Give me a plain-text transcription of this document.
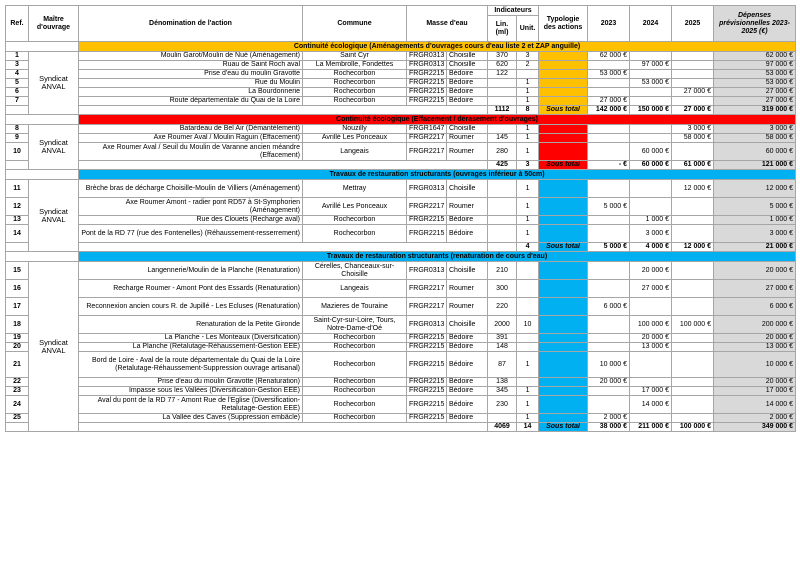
Ref.	Maître d'ouvrage	Dénomination de l'action	Commune	Masse d'eau		Indicateurs		Typologie des actions	2023	2024	2025	Dépenses prévisionnelles 2023-2025 (€)
						Lin. (ml)	Unit.					
		Continuité écologique (Aménagements d'ouvrages cours d'eau liste 2 et ZAP anguille)										
1	Syndicat ANVAL	Moulin Garot/Moulin de Nué (Aménagement)	Saint Cyr	FRGR0313	Choisille	370	3		62 000 €			62 000 €
3		Ruau de Saint Roch aval	La Membrolle, Fondettes	FRGR0313	Choisille	620	2			97 000 €		97 000 €
4		Prise d'eau du moulin Gravotte	Rochecorbon	FRGR2215	Bédoire	122			53 000 €			53 000 €
5		Rue du Moulin	Rochecorbon	FRGR2215	Bédoire		1			53 000 €		53 000 €
6		La Bourdonnerie	Rochecorbon	FRGR2215	Bédoire		1				27 000 €	27 000 €
7		Route départementale du Quai de la Loire	Rochecorbon	FRGR2215	Bédoire		1		27 000 €			27 000 €
						1112	8	Sous total	142 000 €	150 000 €	27 000 €	319 000 €
		Continuité écologique (Effacement / dérasement d'ouvrages)										
8	Syndicat ANVAL	Batardeau de Bel Air (Démantèlement)	Nouzilly	FRGR1647	Choisille		1				3 000 €	3 000 €
9		Axe Roumer Aval / Moulin Raguin (Effacement)	Avrillé Les Ponceaux	FRGR2217	Roumer	145	1				58 000 €	58 000 €
10		Axe Roumer Aval / Seuil du Moulin de Varanne ancien méandre (Effacement)	Langeais	FRGR2217	Roumer	280	1			60 000 €		60 000 €
						425	3	Sous total	- €	60 000 €	61 000 €	121 000 €
		Travaux de restauration structurants (ouvrages inférieur à 50cm)										
11	Syndicat ANVAL	Brèche bras de décharge Choisille-Moulin de Villiers (Aménagement)	Mettray	FRGR0313	Choisille		1				12 000 €	12 000 €
12		Axe Roumer Amont - radier pont RD57 à St-Symphorien (Aménagement)	Avrillé Les Ponceaux	FRGR2217	Roumer		1		5 000 €			5 000 €
13		Rue des Clouets (Recharge aval)	Rochecorbon	FRGR2215	Bédoire		1			1 000 €		1 000 €
14		Pont de la RD 77 (rue des Fontenelles) (Réhaussement-resserrement)	Rochecorbon	FRGR2215	Bédoire		1			3 000 €		3 000 €
							4	Sous total	5 000 €	4 000 €	12 000 €	21 000 €
		Travaux de restauration structurants (renaturation de cours d'eau)										
15	Syndicat ANVAL	Langennerie/Moulin de la Planche (Renaturation)	Cérelles, Chanceaux-sur-Choisille	FRGR0313	Choisille	210				20 000 €		20 000 €
16		Recharge Roumer - Amont Pont des Essards (Renaturation)	Langeais	FRGR2217	Roumer	300				27 000 €		27 000 €
17		Reconnexion ancien cours R. de Jupillé - Les Ecluses (Renaturation)	Mazieres de Touraine	FRGR2217	Roumer	220			6 000 €			6 000 €
18		Renaturation de la Petite Gironde	Saint-Cyr-sur-Loire, Tours, Notre-Dame-d'Oé	FRGR0313	Choisille	2000	10			100 000 €	100 000 €	200 000 €
19		La Planche - Les Monteaux (Diversification)	Rochecorbon	FRGR2215	Bédoire	391				20 000 €		20 000 €
20		La Planche (Retalutage-Réhaussement-Gestion EEE)	Rochecorbon	FRGR2215	Bédoire	148				13 000 €		13 000 €
21		Bord de Loire - Aval de la route départementale du Quai de la Loire (Retalutage-Réhaussement-Suppression ouvrage artisanal)	Rochecorbon	FRGR2215	Bédoire	87	1		10 000 €			10 000 €
22		Prise d'eau du moulin Gravotte (Renaturation)	Rochecorbon	FRGR2215	Bédoire	138			20 000 €			20 000 €
23		Impasse sous les Vallées (Diversification-Gestion EEE)	Rochecorbon	FRGR2215	Bédoire	345	1			17 000 €		17 000 €
24		Aval du pont de la RD 77 - Amont Rue de l'Eglise (Diversification-Retalutage-Gestion EEE)	Rochecorbon	FRGR2215	Bédoire	230	1			14 000 €		14 000 €
25		La Vallée des Caves (Suppression embâcle)	Rochecorbon	FRGR2215	Bédoire		1		2 000 €			2 000 €
						4069	14	Sous total	38 000 €	211 000 €	100 000 €	349 000 €
